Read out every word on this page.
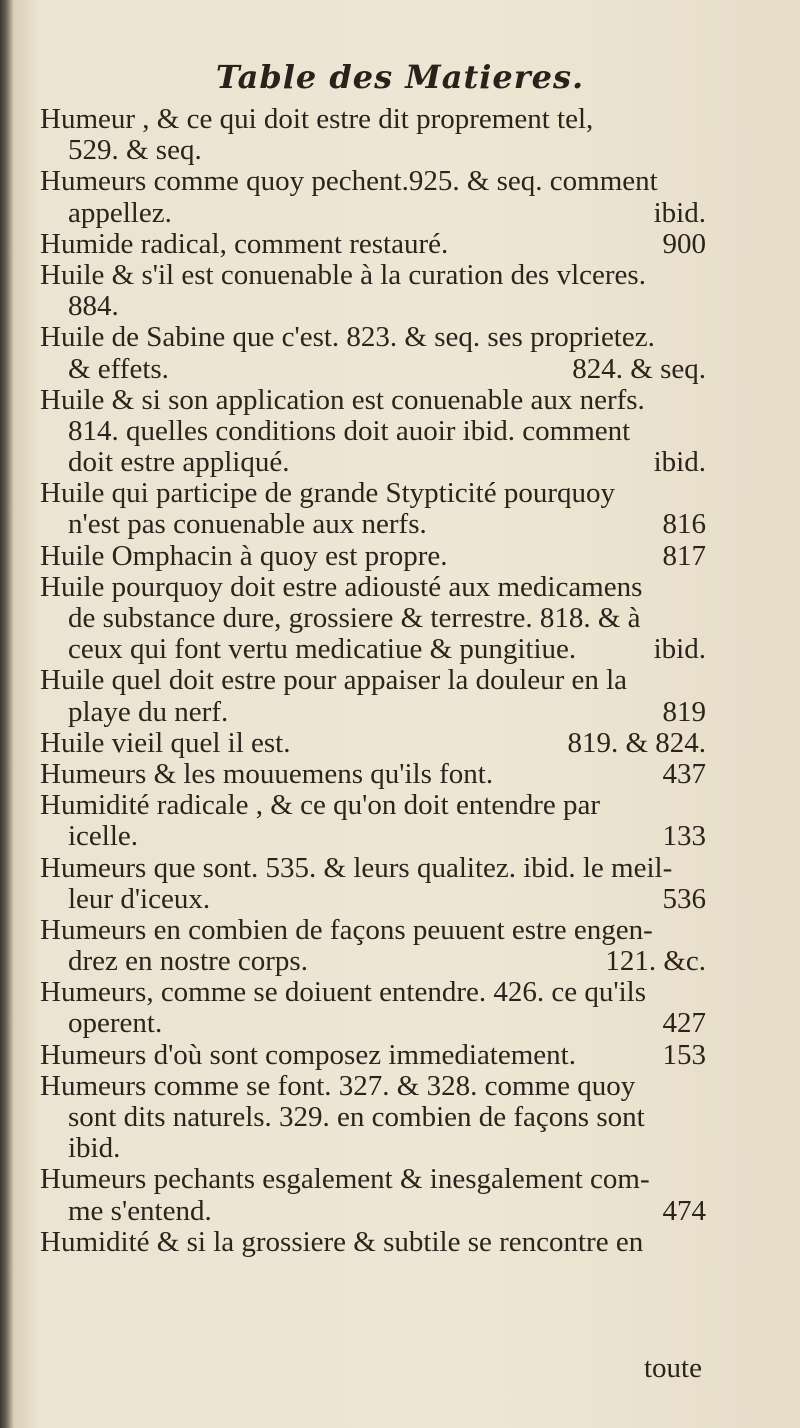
Table des Matieres.
Humeur , & ce qui doit estre dit proprement tel,
529. & seq.
Humeurs comme quoy pechent.925. & seq. comment
appellez.	ibid.
Humide radical, comment restauré.	900
Huile & s'il est conuenable à la curation des vlceres.
884.
Huile de Sabine que c'est. 823. & seq. ses proprietez.
& effets.	824. & seq.
Huile & si son application est conuenable aux nerfs.
814. quelles conditions doit auoir ibid. comment
doit estre appliqué.	ibid.
Huile qui participe de grande Stypticité pourquoy
n'est pas conuenable aux nerfs.	816
Huile Omphacin à quoy est propre.	817
Huile pourquoy doit estre adiousté aux medicamens
de substance dure, grossiere & terrestre. 818. & à
ceux qui font vertu medicatiue & pungitiue.	ibid.
Huile quel doit estre pour appaiser la douleur en la
playe du nerf.	819
Huile vieil quel il est.	819. & 824.
Humeurs & les mouuemens qu'ils font.	437
Humidité radicale , & ce qu'on doit entendre par
icelle.	133
Humeurs que sont. 535. & leurs qualitez. ibid. le meil-
leur d'iceux.	536
Humeurs en combien de façons peuuent estre engen-
drez en nostre corps.	121. &c.
Humeurs, comme se doiuent entendre. 426. ce qu'ils
operent.	427
Humeurs d'où sont composez immediatement.	153
Humeurs comme se font. 327. & 328. comme quoy
sont dits naturels. 329. en combien de façons sont
ibid.
Humeurs pechants esgalement & inesgalement com-
me s'entend.	474
Humidité & si la grossiere & subtile se rencontre en
toute
